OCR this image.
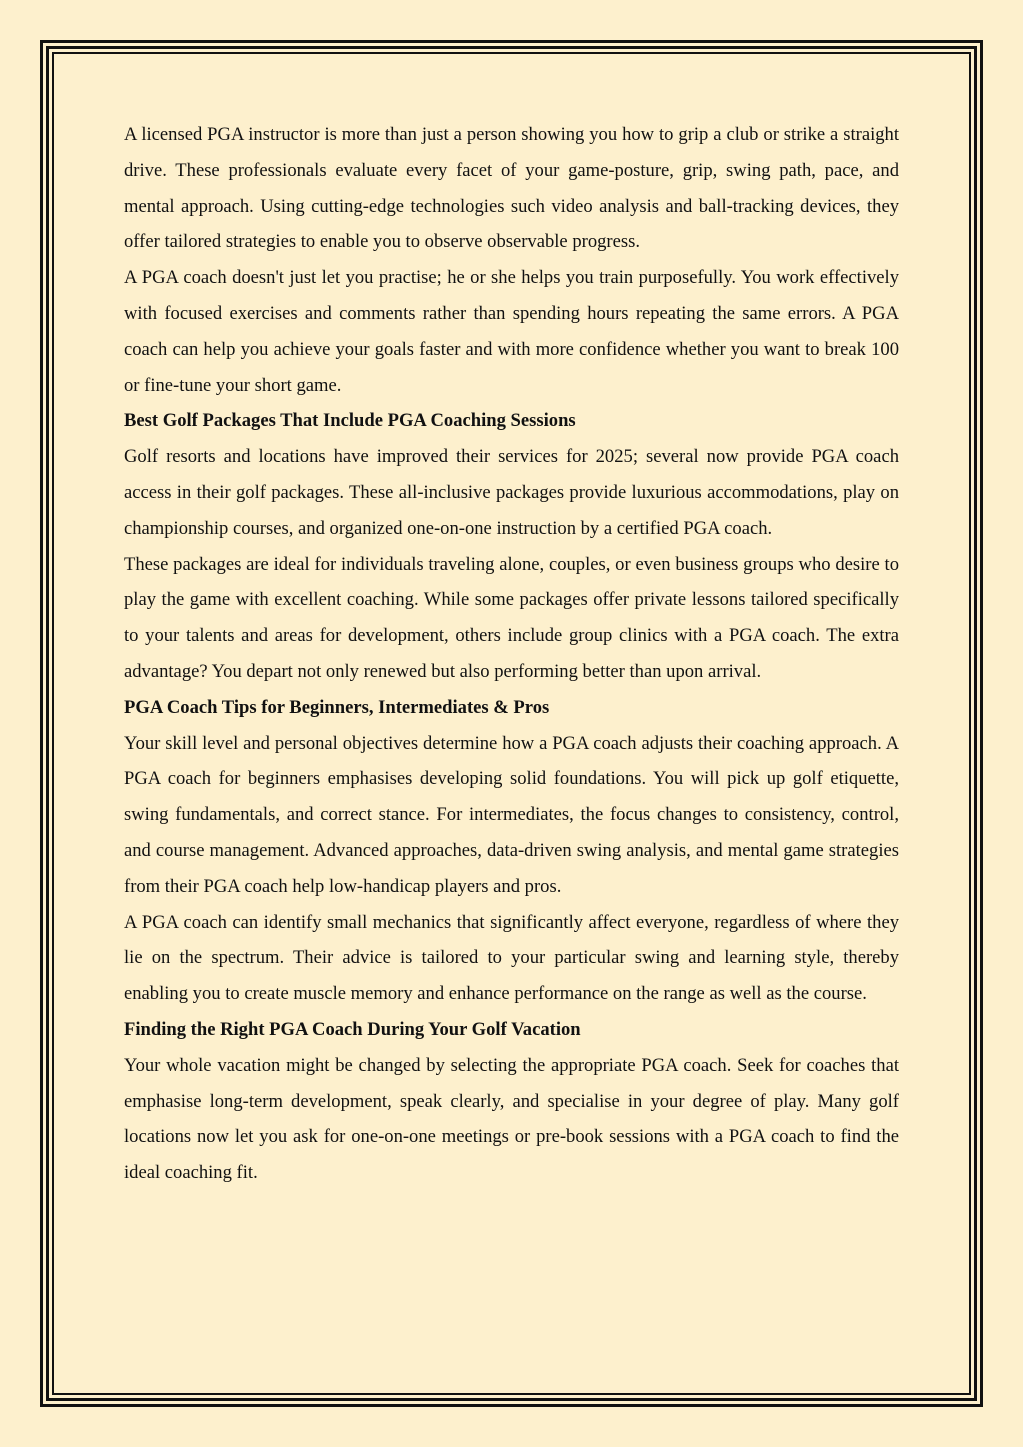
A licensed PGA instructor is more than just a person showing you how to grip a club or strike a straight drive. These professionals evaluate every facet of your game-posture, grip, swing path, pace, and mental approach. Using cutting-edge technologies such video analysis and ball-tracking devices, they offer tailored strategies to enable you to observe observable progress.

A PGA coach doesn't just let you practise; he or she helps you train purposefully. You work effectively with focused exercises and comments rather than spending hours repeating the same errors. A PGA coach can help you achieve your goals faster and with more confidence whether you want to break 100 or fine-tune your short game.

Best Golf Packages That Include PGA Coaching Sessions

Golf resorts and locations have improved their services for 2025; several now provide PGA coach access in their golf packages. These all-inclusive packages provide luxurious accommodations, play on championship courses, and organized one-on-one instruction by a certified PGA coach.

These packages are ideal for individuals traveling alone, couples, or even business groups who desire to play the game with excellent coaching. While some packages offer private lessons tailored specifically to your talents and areas for development, others include group clinics with a PGA coach. The extra advantage? You depart not only renewed but also performing better than upon arrival.

PGA Coach Tips for Beginners, Intermediates & Pros

Your skill level and personal objectives determine how a PGA coach adjusts their coaching approach. A PGA coach for beginners emphasises developing solid foundations. You will pick up golf etiquette, swing fundamentals, and correct stance. For intermediates, the focus changes to consistency, control, and course management. Advanced approaches, data-driven swing analysis, and mental game strategies from their PGA coach help low-handicap players and pros.

A PGA coach can identify small mechanics that significantly affect everyone, regardless of where they lie on the spectrum. Their advice is tailored to your particular swing and learning style, thereby enabling you to create muscle memory and enhance performance on the range as well as the course.

Finding the Right PGA Coach During Your Golf Vacation

Your whole vacation might be changed by selecting the appropriate PGA coach. Seek for coaches that emphasise long-term development, speak clearly, and specialise in your degree of play. Many golf locations now let you ask for one-on-one meetings or pre-book sessions with a PGA coach to find the ideal coaching fit.
